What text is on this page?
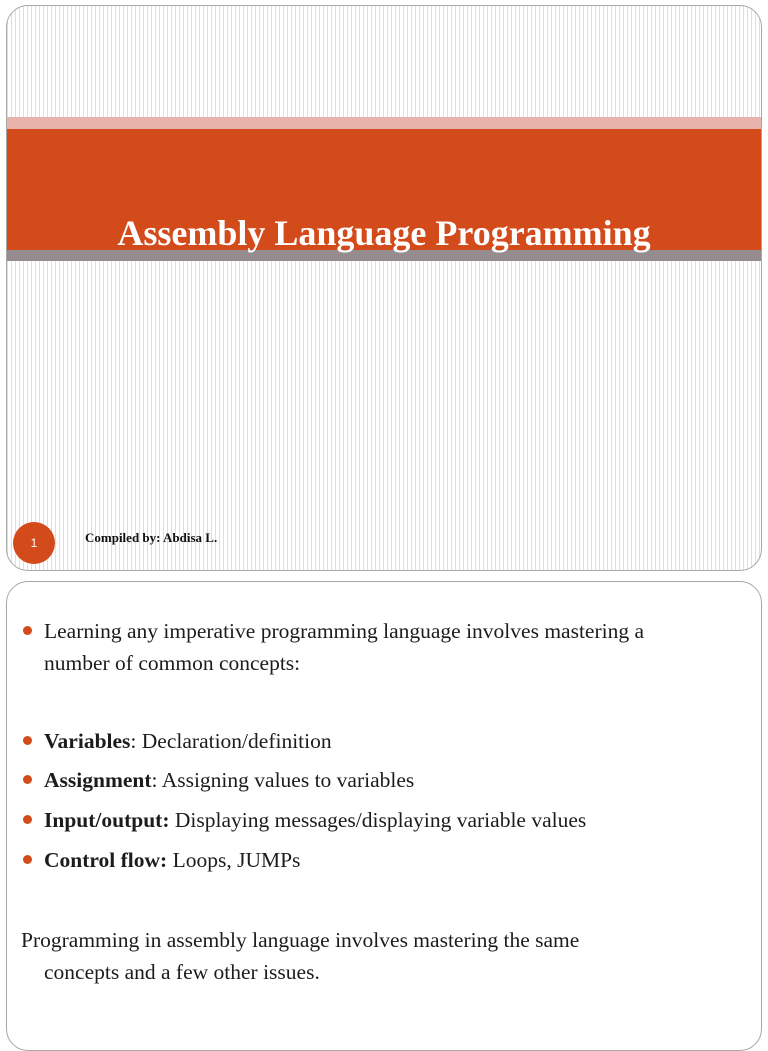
Assembly Language Programming
1	Compiled by: Abdisa L.
Learning any imperative programming language involves mastering a
number of common concepts:
Variables: Declaration/definition
Assignment: Assigning values to variables
Input/output: Displaying messages/displaying variable values
Control flow: Loops, JUMPs
Programming in assembly language involves mastering the same
concepts and a few other issues.
